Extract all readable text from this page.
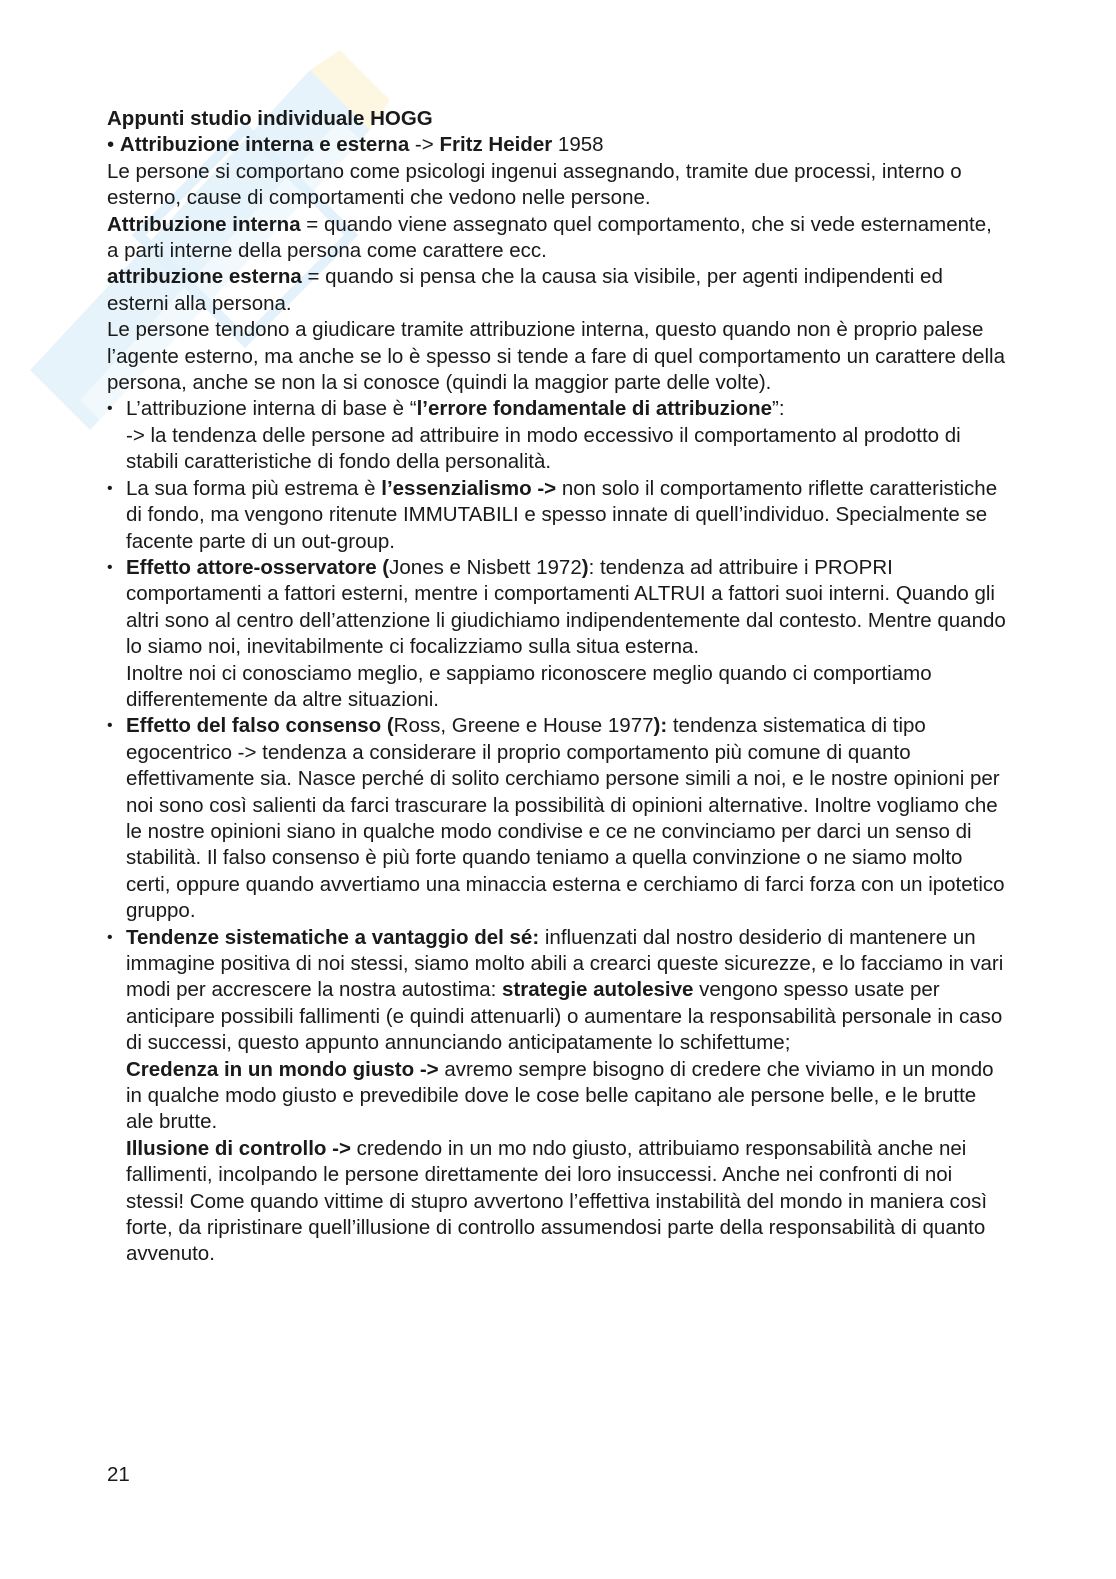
Appunti studio individuale HOGG

• Attribuzione interna e esterna -> Fritz Heider 1958

Le persone si comportano come psicologi ingenui assegnando, tramite due processi, interno o esterno, cause di comportamenti che vedono nelle persone.

Attribuzione interna = quando viene assegnato quel comportamento, che si vede esternamente, a parti interne della persona come carattere ecc.

attribuzione esterna = quando si pensa che la causa sia visibile, per agenti indipendenti ed esterni alla persona.

Le persone tendono a giudicare tramite attribuzione interna, questo quando non è proprio palese l’agente esterno, ma anche se lo è spesso si tende a fare di quel comportamento un carattere della persona, anche se non la si conosce (quindi la maggior parte delle volte).

• L’attribuzione interna di base è “l’errore fondamentale di attribuzione”:
-> la tendenza delle persone ad attribuire in modo eccessivo il comportamento al prodotto di stabili caratteristiche di fondo della personalità.
• La sua forma più estrema è l’essenzialismo -> non solo il comportamento riflette caratteristiche di fondo, ma vengono ritenute IMMUTABILI e spesso innate di quell’individuo. Specialmente se facente parte di un out-group.
• Effetto attore-osservatore (Jones e Nisbett 1972): tendenza ad attribuire i PROPRI comportamenti a fattori esterni, mentre i comportamenti ALTRUI a fattori suoi interni. Quando gli altri sono al centro dell’attenzione li giudichiamo indipendentemente dal contesto. Mentre quando lo siamo noi, inevitabilmente ci focalizziamo sulla situa esterna.
Inoltre noi ci conosciamo meglio, e sappiamo riconoscere meglio quando ci comportiamo differentemente da altre situazioni.
• Effetto del falso consenso (Ross, Greene e House 1977): tendenza sistematica di tipo egocentrico -> tendenza a considerare il proprio comportamento più comune di quanto effettivamente sia. Nasce perché di solito cerchiamo persone simili a noi, e le nostre opinioni per noi sono così salienti da farci trascurare la possibilità di opinioni alternative. Inoltre vogliamo che le nostre opinioni siano in qualche modo condivise e ce ne convinciamo per darci un senso di stabilità. Il falso consenso è più forte quando teniamo a quella convinzione o ne siamo molto certi, oppure quando avvertiamo una minaccia esterna e cerchiamo di farci forza con un ipotetico gruppo.
• Tendenze sistematiche a vantaggio del sé: influenzati dal nostro desiderio di mantenere un immagine positiva di noi stessi, siamo molto abili a crearci queste sicurezze, e lo facciamo in vari modi per accrescere la nostra autostima: strategie autolesive vengono spesso usate per anticipare possibili fallimenti (e quindi attenuarli) o aumentare la responsabilità personale in caso di successi, questo appunto annunciando anticipatamente lo schifettume;
Credenza in un mondo giusto -> avremo sempre bisogno di credere che viviamo in un mondo in qualche modo giusto e prevedibile dove le cose belle capitano ale persone belle, e le brutte ale brutte.
Illusione di controllo -> credendo in un mo ndo giusto, attribuiamo responsabilità anche nei fallimenti, incolpando le persone direttamente dei loro insuccessi. Anche nei confronti di noi stessi! Come quando vittime di stupro avvertono l’effettiva instabilità del mondo in maniera così forte, da ripristinare quell’illusione di controllo assumendosi parte della responsabilità di quanto avvenuto.
21
